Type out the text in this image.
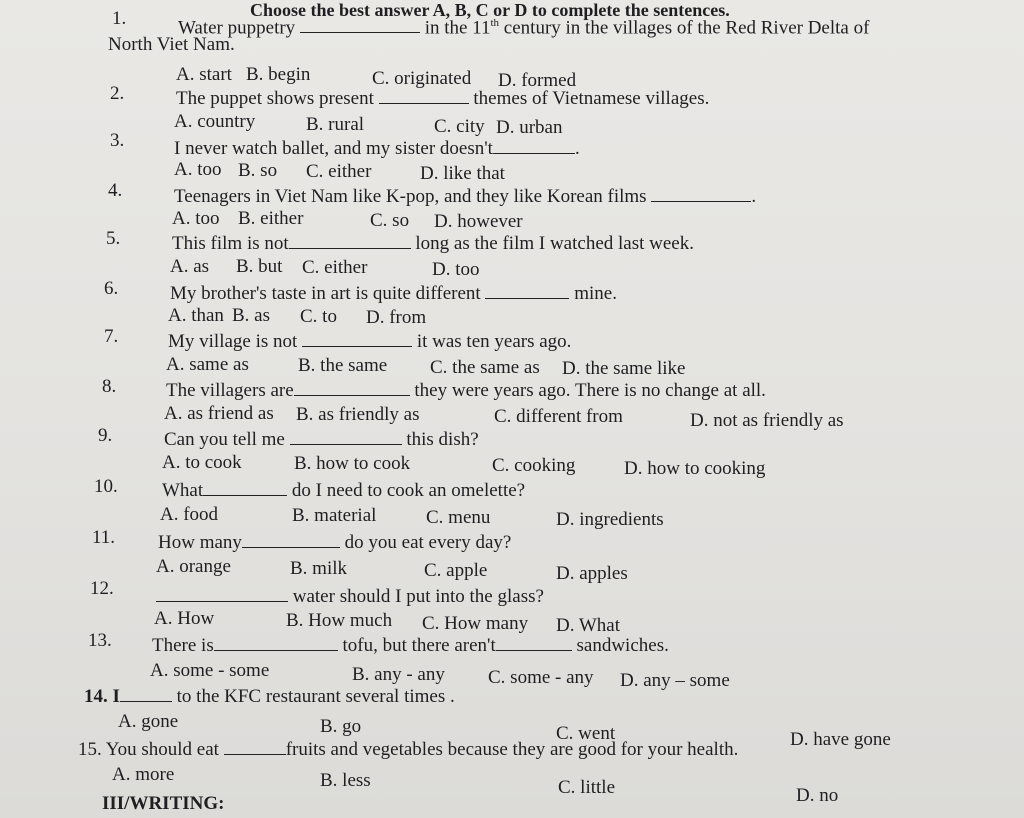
Choose the best answer A, B, C or D to complete the sentences.
1.	Water puppetry	in the 11th century in the villages of the Red River Delta of
North Viet Nam.
A. start B. begin	C. originated D. formed
2.	The puppet shows present	themes of Vietnamese villages.
A. country	B. rural	C. city D. urban
3.	I never watch ballet, and my sister doesn't	.
A. too B. so C. either	D. like that
4.	Teenagers in Viet Nam like K-pop, and they like Korean films	.
A. too B. either	C. so D. however
5.	This film is not	long as the film I watched last week.
A. as B. but C. either	D. too
6.	My brother's taste in art is quite different	mine.
A. than B. as C. to D. from
7.	My village is not	it was ten years ago.
A. same as	B. the same C. the same as D. the same like
8.	The villagers are	they were years ago. There is no change at all.
A. as friend as B. as friendly as	C. different from	D. not as friendly as
9.	Can you tell me	this dish?
A. to cook	B. how to cook	C. cooking	D. how to cooking
10. What	do I need to cook an omelette?
A. food	B. material	C. menu	D. ingredients
11. How many	do you eat every day?
A. orange	B. milk	C. apple	D. apples
12.	water should I put into the glass?
A. How	B. How much C. How many D. What
13. There is	tofu, but there aren't	sandwiches.
A. some - some	B. any - any C. some - any D. any – some
14. I	to the KFC restaurant several times .
A. gone	B. go	C. went	D. have gone
15. You should eat	fruits and vegetables because they are good for your health.
A. more	B. less	C. little	D. no
III/WRITING:
